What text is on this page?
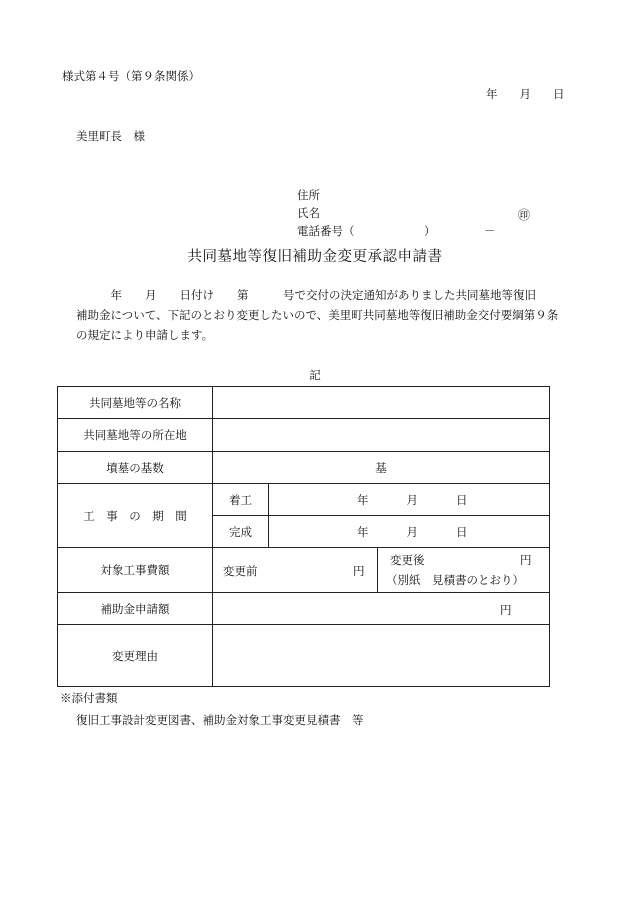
様式第４号（第９条関係）
年 月 日
美里町長　様
住所
氏名
電話番号（
㊞
）	－
共同墓地等復旧補助金変更承認申請書

　　　年　　月　　日付け　　第　　　号で交付の決定通知がありました共同墓地等復旧

補助金について、下記のとおり変更したいので、美里町共同墓地等復旧補助金交付要綱第９条

の規定により申請します。

記
共同墓地等の名称			
共同墓地等の所在地			
墳墓の基数	基		
工　事　の　期　間	着工	年 月 日	
	完成	年 月 日	
対象工事費額	変更前 円		変更後 円
（別紙　見積書のとおり）

補助金申請額	円		

変更理由			
※添付書類
復旧工事設計変更図書、補助金対象工事変更見積書　等
